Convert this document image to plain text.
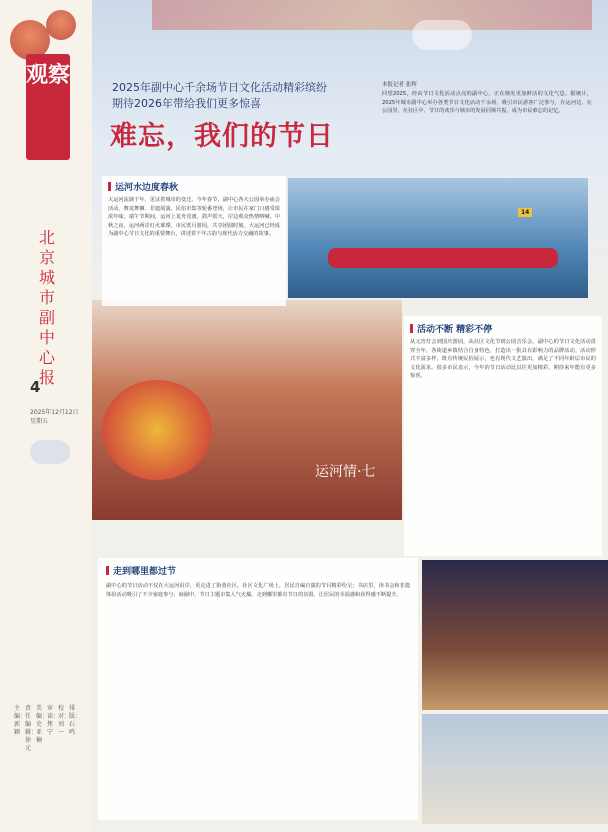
观察
北京城市副中心报
4
2025年12月12日
星期五
主编：郭颖
责任编辑：徐元
美编：史亚楠
审读：焦宁
校对：刘一
排版：石鸣
2025年副中心千余场节日文化活动精彩缤纷
期待2026年带给我们更多惊喜
难忘，我们的节日
本报记者 张辉
回望2025，经由节日文化活动点亮的副中心，正在焕发更加鲜活的文化气息。据统计，2025年城市副中心举办各类节日文化活动千余场，吸引市民游客广泛参与，在运河边、在公园里、在社区中，节日的欢乐与城市的发展同频共振，成为市民难忘的记忆。
14
运河情·七
运河水边度春秋
大运河流淌千年，见证着城市的变迁。今年春节，副中心各大公园举办庙会活动，舞龙舞狮、非遗展演、民俗市集等轮番登场，让市民在家门口感受浓浓年味。端午节期间，运河上龙舟竞渡，鼓声震天，岸边观众热情呐喊。中秋之夜，运河两岸灯火璀璨，市民赏月游园，共享团圆时刻。大运河已经成为副中心节日文化的重要舞台，讲述着千年古韵与现代活力交融的故事。
活动不断 精彩不停
从元宵灯会到国庆游园，从社区文化节到公园音乐会，副中心的节日文化活动贯穿全年。各街道乡镇结合自身特色，打造出一批具有影响力的品牌活动。活动形式丰富多样，既有传统民俗展示，也有现代文艺演出，满足了不同年龄层市民的文化需求。很多市民表示，今年的节日活动比以往更加精彩，期待来年能有更多惊喜。
走到哪里都过节
副中心的节日活动不仅在大运河沿岸，更走进了街巷社区。社区文化广场上，居民自编自演的节目精彩纷呈；书店里，读书会和非遗体验活动吸引了不少家庭参与；商圈中，节日主题市集人气火爆。走到哪里都有节日的氛围，让居民的幸福感和获得感不断提升。
